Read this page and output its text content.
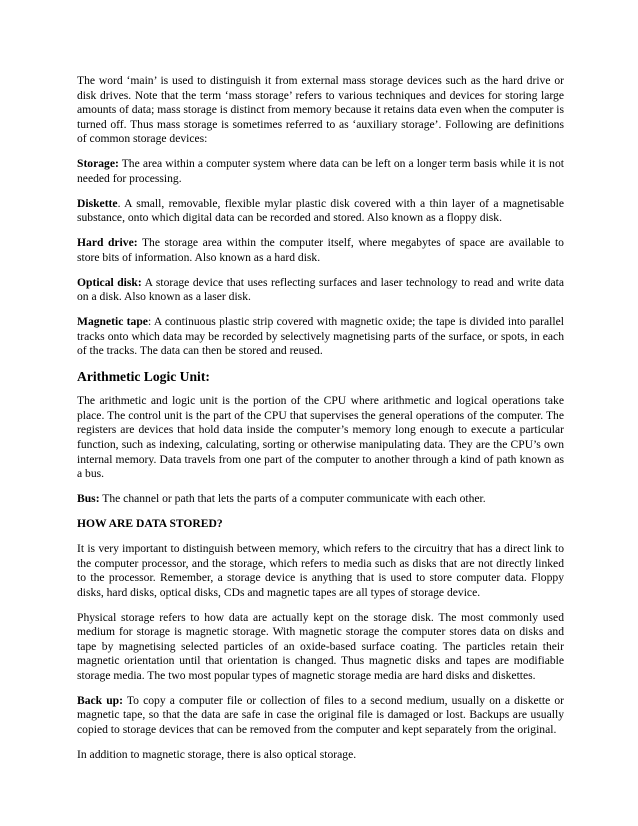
The word ‘main’ is used to distinguish it from external mass storage devices such as the hard drive or disk drives. Note that the term ‘mass storage’ refers to various techniques and devices for storing large amounts of data; mass storage is distinct from memory because it retains data even when the computer is turned off. Thus mass storage is sometimes referred to as ‘auxiliary storage’. Following are definitions of common storage devices:

Storage: The area within a computer system where data can be left on a longer term basis while it is not needed for processing.

Diskette. A small, removable, flexible mylar plastic disk covered with a thin layer of a magnetisable substance, onto which digital data can be recorded and stored. Also known as a floppy disk.

Hard drive: The storage area within the computer itself, where megabytes of space are available to store bits of information. Also known as a hard disk.

Optical disk: A storage device that uses reflecting surfaces and laser technology to read and write data on a disk. Also known as a laser disk.

Magnetic tape: A continuous plastic strip covered with magnetic oxide; the tape is divided into parallel tracks onto which data may be recorded by selectively magnetising parts of the surface, or spots, in each of the tracks. The data can then be stored and reused.

Arithmetic Logic Unit:

The arithmetic and logic unit is the portion of the CPU where arithmetic and logical operations take place. The control unit is the part of the CPU that supervises the general operations of the computer. The registers are devices that hold data inside the computer’s memory long enough to execute a particular function, such as indexing, calculating, sorting or otherwise manipulating data. They are the CPU’s own internal memory. Data travels from one part of the computer to another through a kind of path known as a bus.

Bus: The channel or path that lets the parts of a computer communicate with each other.

HOW ARE DATA STORED?

It is very important to distinguish between memory, which refers to the circuitry that has a direct link to the computer processor, and the storage, which refers to media such as disks that are not directly linked to the processor. Remember, a storage device is anything that is used to store computer data. Floppy disks, hard disks, optical disks, CDs and magnetic tapes are all types of storage device.

Physical storage refers to how data are actually kept on the storage disk. The most commonly used medium for storage is magnetic storage. With magnetic storage the computer stores data on disks and tape by magnetising selected particles of an oxide-based surface coating. The particles retain their magnetic orientation until that orientation is changed. Thus magnetic disks and tapes are modifiable storage media. The two most popular types of magnetic storage media are hard disks and diskettes.

Back up: To copy a computer file or collection of files to a second medium, usually on a diskette or magnetic tape, so that the data are safe in case the original file is damaged or lost. Backups are usually copied to storage devices that can be removed from the computer and kept separately from the original.

In addition to magnetic storage, there is also optical storage.
